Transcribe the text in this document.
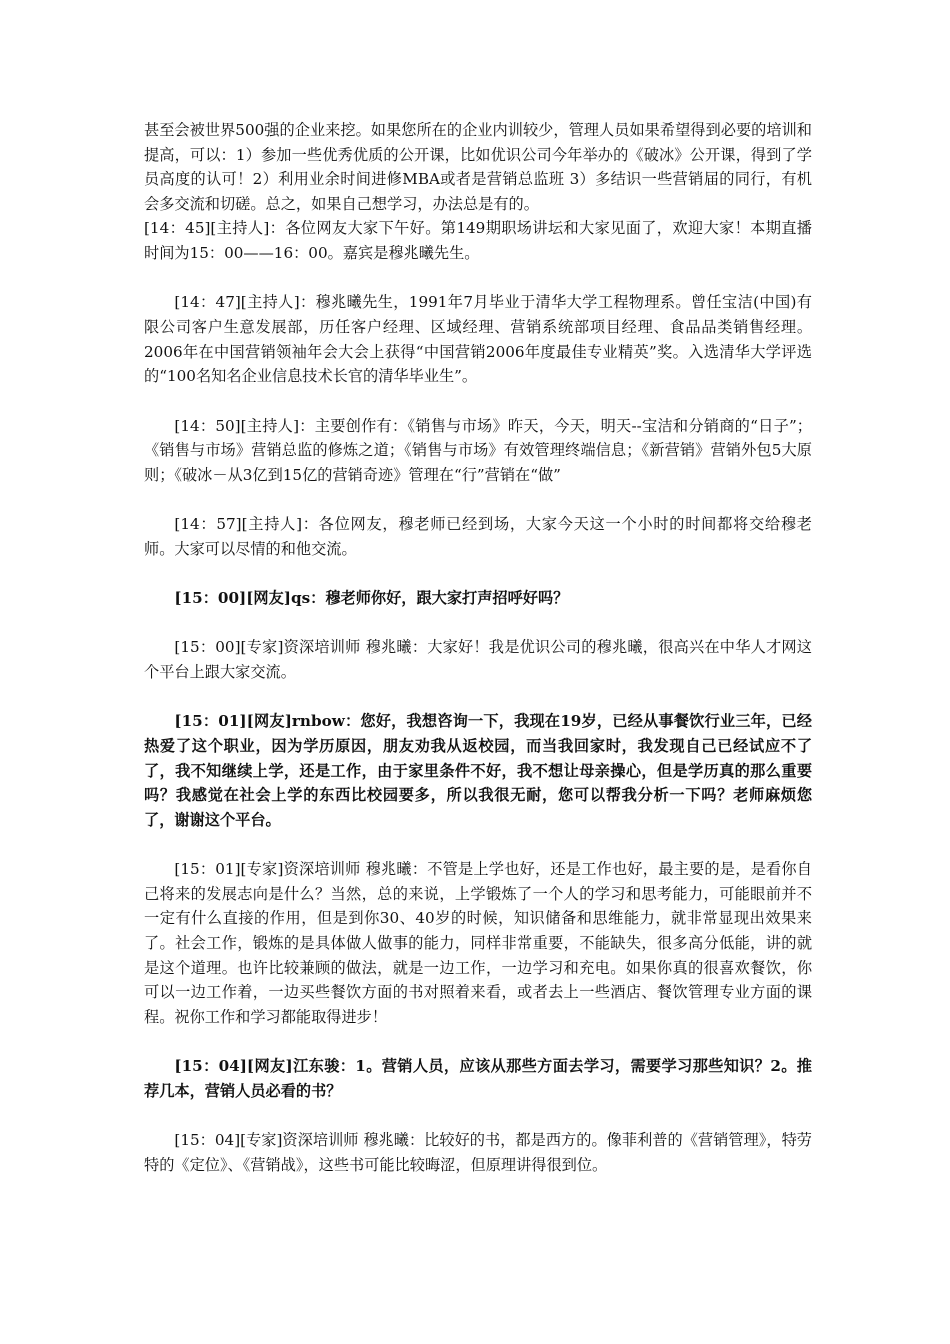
甚至会被世界500强的企业来挖。如果您所在的企业内训较少，管理人员如果希望得到必要的培训和提高，可以：1）参加一些优秀优质的公开课，比如优识公司今年举办的《破冰》公开课，得到了学员高度的认可！2）利用业余时间进修MBA或者是营销总监班 3）多结识一些营销届的同行，有机会多交流和切磋。总之，如果自己想学习，办法总是有的。
[14：45][主持人]：各位网友大家下午好。第149期职场讲坛和大家见面了，欢迎大家！本期直播时间为15：00——16：00。嘉宾是穆兆曦先生。

[14：47][主持人]：穆兆曦先生，1991年7月毕业于清华大学工程物理系。曾任宝洁(中国)有限公司客户生意发展部，历任客户经理、区域经理、营销系统部项目经理、食品品类销售经理。2006年在中国营销领袖年会大会上获得“中国营销2006年度最佳专业精英”奖。入选清华大学评选的“100名知名企业信息技术长官的清华毕业生”。

[14：50][主持人]：主要创作有：《销售与市场》昨天，今天，明天--宝洁和分销商的“日子”；《销售与市场》营销总监的修炼之道；《销售与市场》有效管理终端信息；《新营销》营销外包5大原则；《破冰－从3亿到15亿的营销奇迹》管理在“行”营销在“做”

[14：57][主持人]：各位网友，穆老师已经到场，大家今天这一个小时的时间都将交给穆老师。大家可以尽情的和他交流。

[15：00][网友]qs：穆老师你好，跟大家打声招呼好吗？

[15：00][专家]资深培训师 穆兆曦：大家好！我是优识公司的穆兆曦，很高兴在中华人才网这个平台上跟大家交流。

[15：01][网友]rnbow：您好，我想咨询一下，我现在19岁，已经从事餐饮行业三年，已经热爱了这个职业，因为学历原因，朋友劝我从返校园，而当我回家时，我发现自己已经试应不了了，我不知继续上学，还是工作，由于家里条件不好，我不想让母亲操心，但是学历真的那么重要吗？我感觉在社会上学的东西比校园要多，所以我很无耐，您可以帮我分析一下吗？老师麻烦您了，谢谢这个平台。

[15：01][专家]资深培训师 穆兆曦：不管是上学也好，还是工作也好，最主要的是，是看你自己将来的发展志向是什么？当然，总的来说，上学锻炼了一个人的学习和思考能力，可能眼前并不一定有什么直接的作用，但是到你30、40岁的时候，知识储备和思维能力，就非常显现出效果来了。社会工作，锻炼的是具体做人做事的能力，同样非常重要，不能缺失，很多高分低能，讲的就是这个道理。也许比较兼顾的做法，就是一边工作，一边学习和充电。如果你真的很喜欢餐饮，你可以一边工作着，一边买些餐饮方面的书对照着来看，或者去上一些酒店、餐饮管理专业方面的课程。祝你工作和学习都能取得进步！

[15：04][网友]江东骏：1。营销人员，应该从那些方面去学习，需要学习那些知识？2。推荐几本，营销人员必看的书？

[15：04][专家]资深培训师 穆兆曦：比较好的书，都是西方的。像菲利普的《营销管理》，特劳特的《定位》、《营销战》，这些书可能比较晦涩，但原理讲得很到位。
